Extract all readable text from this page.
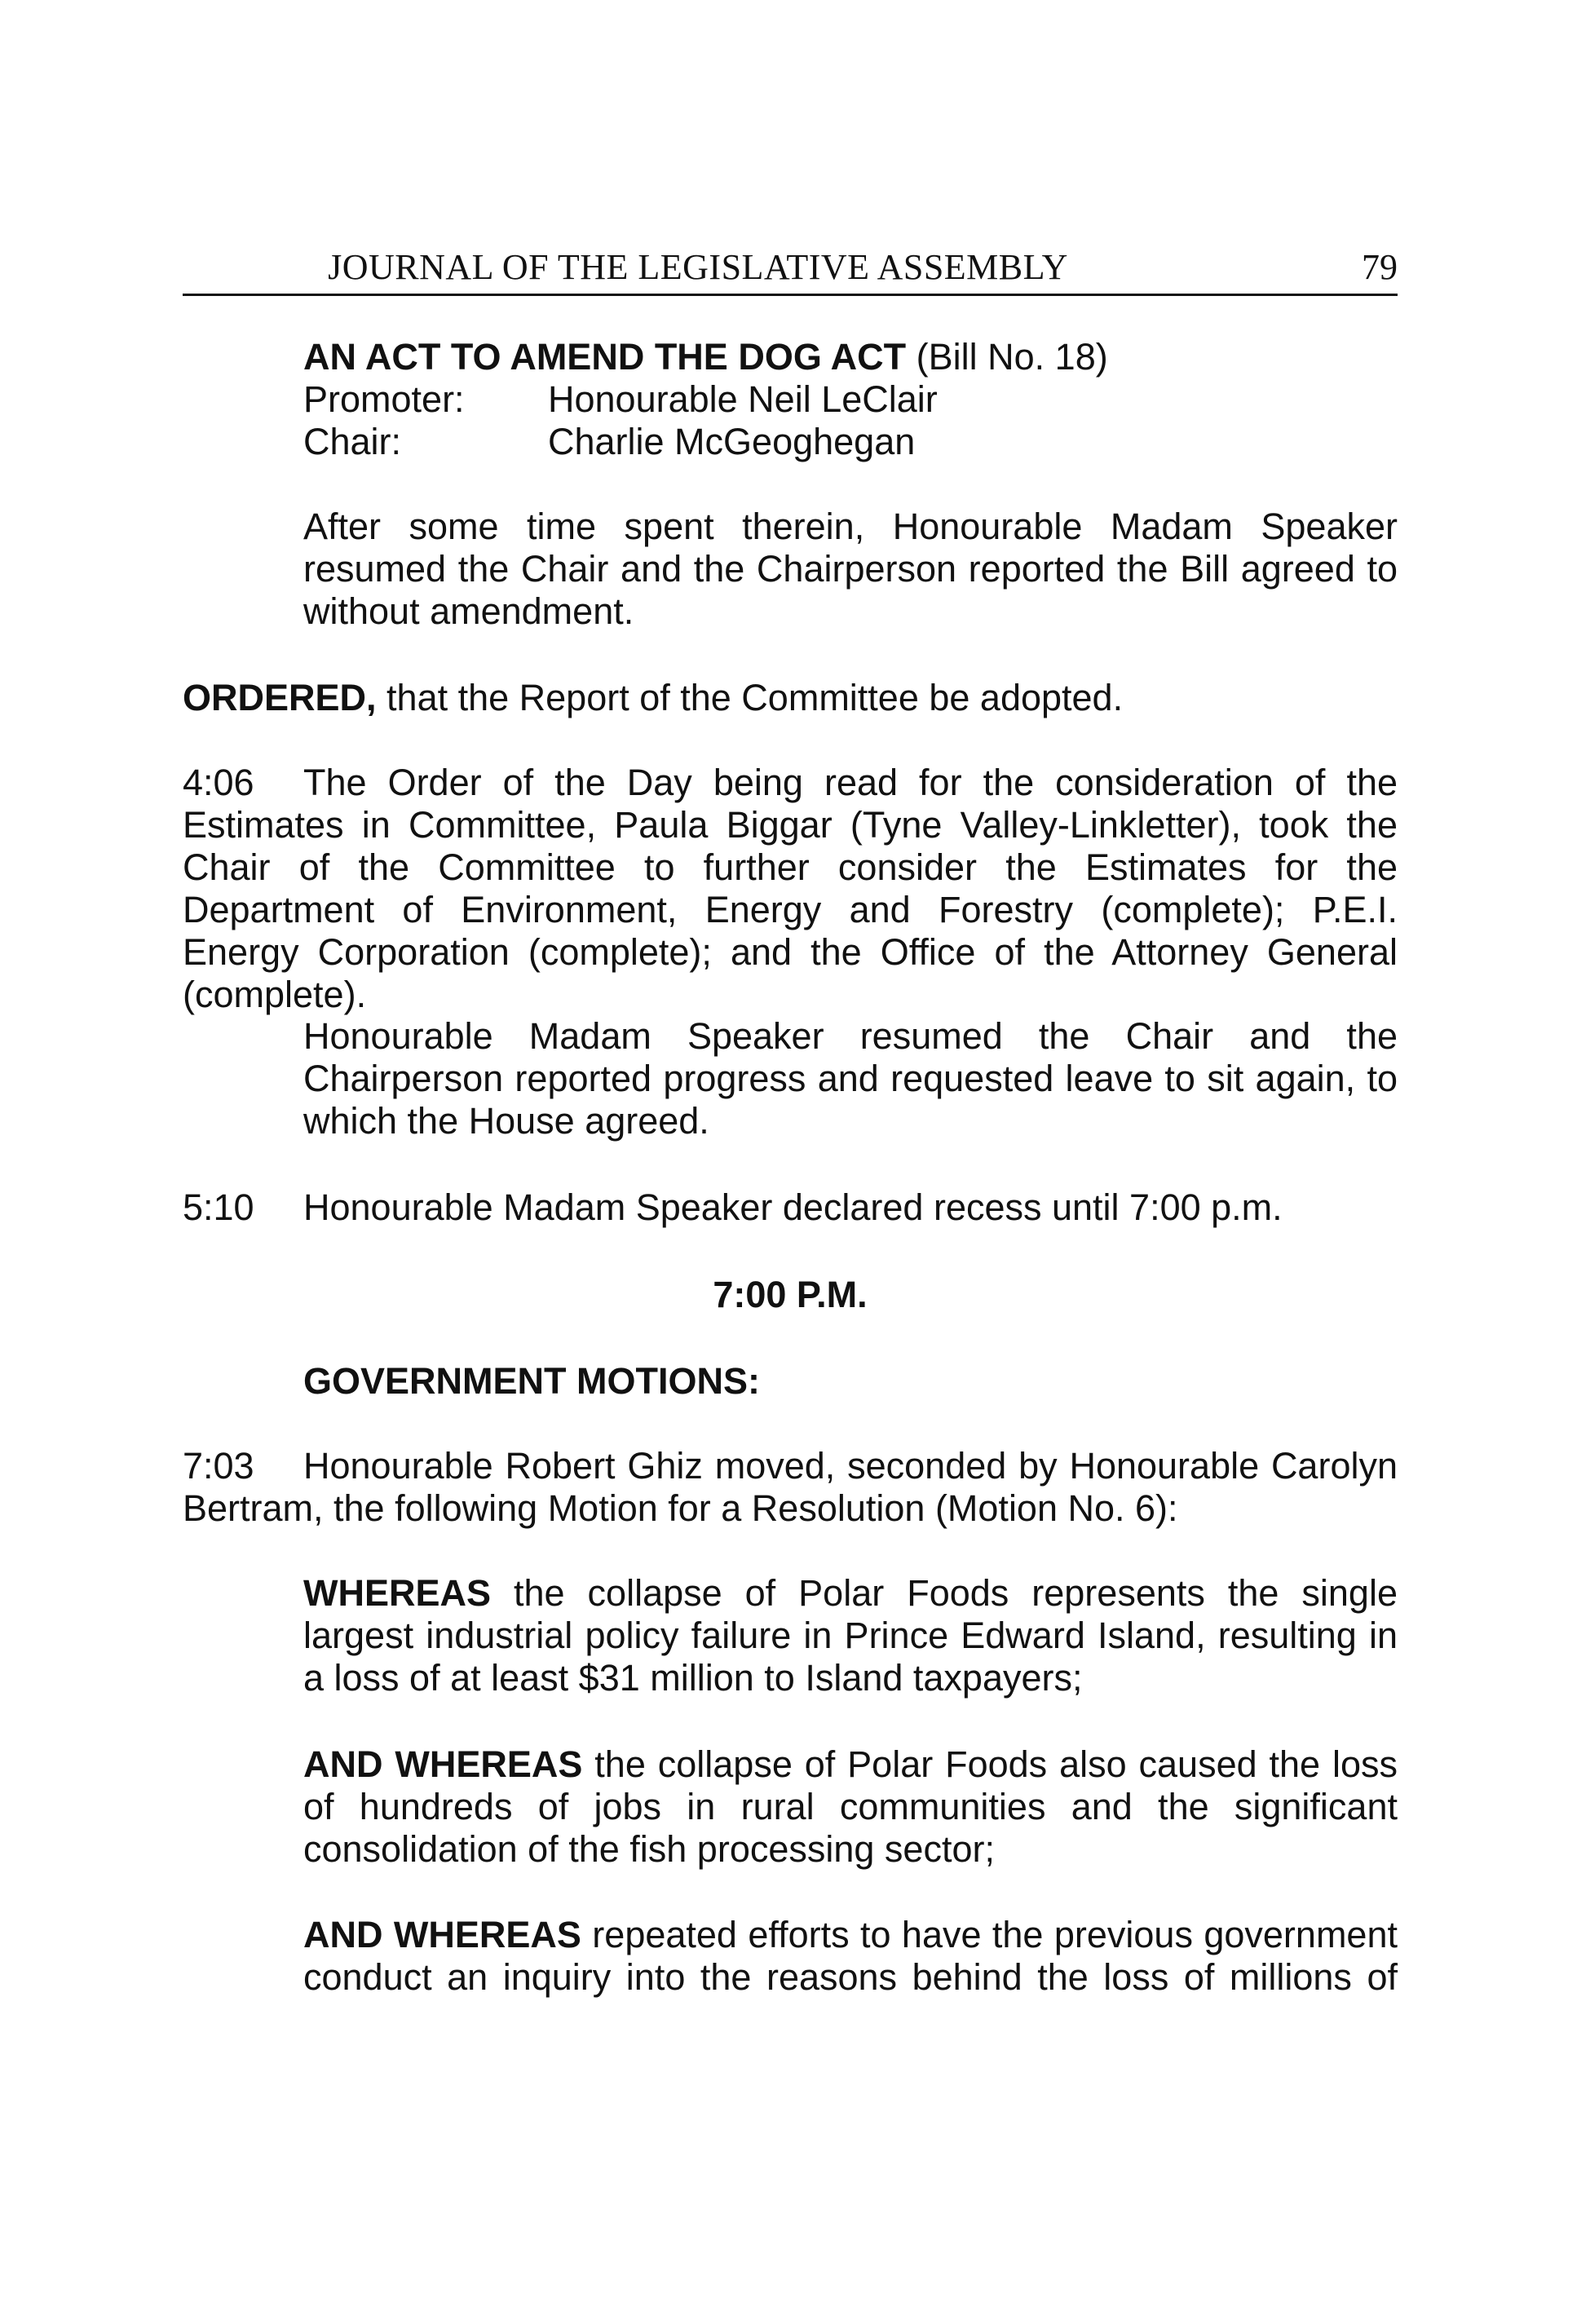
JOURNAL OF THE LEGISLATIVE ASSEMBLY	79
AN ACT TO AMEND THE DOG ACT (Bill No. 18)
Promoter:	Honourable Neil LeClair
Chair:	Charlie McGeoghegan
After some time spent therein, Honourable Madam Speaker resumed the Chair and the Chairperson reported the Bill agreed to without amendment.
ORDERED, that the Report of the Committee be adopted.
4:06 The Order of the Day being read for the consideration of the Estimates in Committee, Paula Biggar (Tyne Valley-Linkletter), took the Chair of the Committee to further consider the Estimates for the Department of Environment, Energy and Forestry (complete); P.E.I. Energy Corporation (complete); and the Office of the Attorney General (complete).
Honourable Madam Speaker resumed the Chair and the Chairperson reported progress and requested leave to sit again, to which the House agreed.
5:10 Honourable Madam Speaker declared recess until 7:00 p.m.
7:00 P.M.
GOVERNMENT MOTIONS:
7:03 Honourable Robert Ghiz moved, seconded by Honourable Carolyn Bertram, the following Motion for a Resolution (Motion No. 6):
WHEREAS the collapse of Polar Foods represents the single largest industrial policy failure in Prince Edward Island, resulting in a loss of at least $31 million to Island taxpayers;
AND WHEREAS the collapse of Polar Foods also caused the loss of hundreds of jobs in rural communities and the significant consolidation of the fish processing sector;
AND WHEREAS repeated efforts to have the previous government conduct an inquiry into the reasons behind the loss of millions of
